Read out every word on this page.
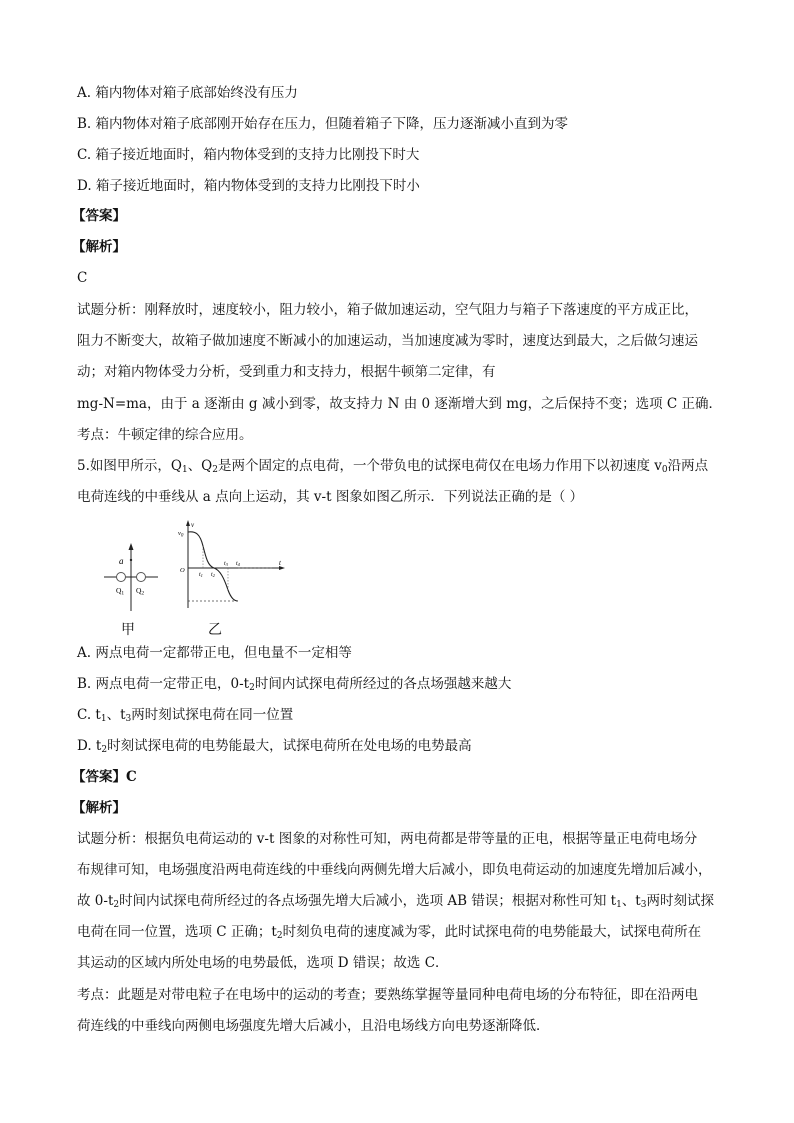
A. 箱内物体对箱子底部始终没有压力
B. 箱内物体对箱子底部刚开始存在压力，但随着箱子下降，压力逐渐减小直到为零
C. 箱子接近地面时，箱内物体受到的支持力比刚投下时大
D. 箱子接近地面时，箱内物体受到的支持力比刚投下时小
【答案】
【解析】
C
试题分析：刚释放时，速度较小，阻力较小，箱子做加速运动，空气阻力与箱子下落速度的平方成正比，
阻力不断变大，故箱子做加速度不断减小的加速运动，当加速度减为零时，速度达到最大，之后做匀速运
动；对箱内物体受力分析，受到重力和支持力，根据牛顿第二定律，有
mg-N=ma，由于 a 逐渐由 g 减小到零，故支持力 N 由 0 逐渐增大到 mg，之后保持不变；选项 C 正确．
考点：牛顿定律的综合应用。
5.如图甲所示，$Q_1$、$Q_2$是两个固定的点电荷，一个带负电的试探电荷仅在电场力作用下以初速度 $v_0$沿两点
电荷连线的中垂线从 a 点向上运动，其 v-t 图象如图乙所示．下列说法正确的是（ ）
a
$Q_1$ $Q_2$
甲
v
$v_0$
O
t
t1 t2
t3 t4
乙
A. 两点电荷一定都带正电，但电量不一定相等
B. 两点电荷一定带正电，$0-t_2$时间内试探电荷所经过的各点场强越来越大
C. $t_1$、$t_3$两时刻试探电荷在同一位置
D. $t_2$时刻试探电荷的电势能最大，试探电荷所在处电场的电势最高
【答案】C
【解析】
试题分析：根据负电荷运动的 v-t 图象的对称性可知，两电荷都是带等量的正电，根据等量正电荷电场分
布规律可知，电场强度沿两电荷连线的中垂线向两侧先增大后减小，即负电荷运动的加速度先增加后减小，
故 $0-t_2$时间内试探电荷所经过的各点场强先增大后减小，选项 AB 错误；根据对称性可知 $t_1$、$t_3$两时刻试探
电荷在同一位置，选项 C 正确；$t_2$时刻负电荷的速度减为零，此时试探电荷的电势能最大，试探电荷所在
其运动的区域内所处电场的电势最低，选项 D 错误；故选 C．
考点：此题是对带电粒子在电场中的运动的考查；要熟练掌握等量同种电荷电场的分布特征，即在沿两电
荷连线的中垂线向两侧电场强度先增大后减小，且沿电场线方向电势逐渐降低．
